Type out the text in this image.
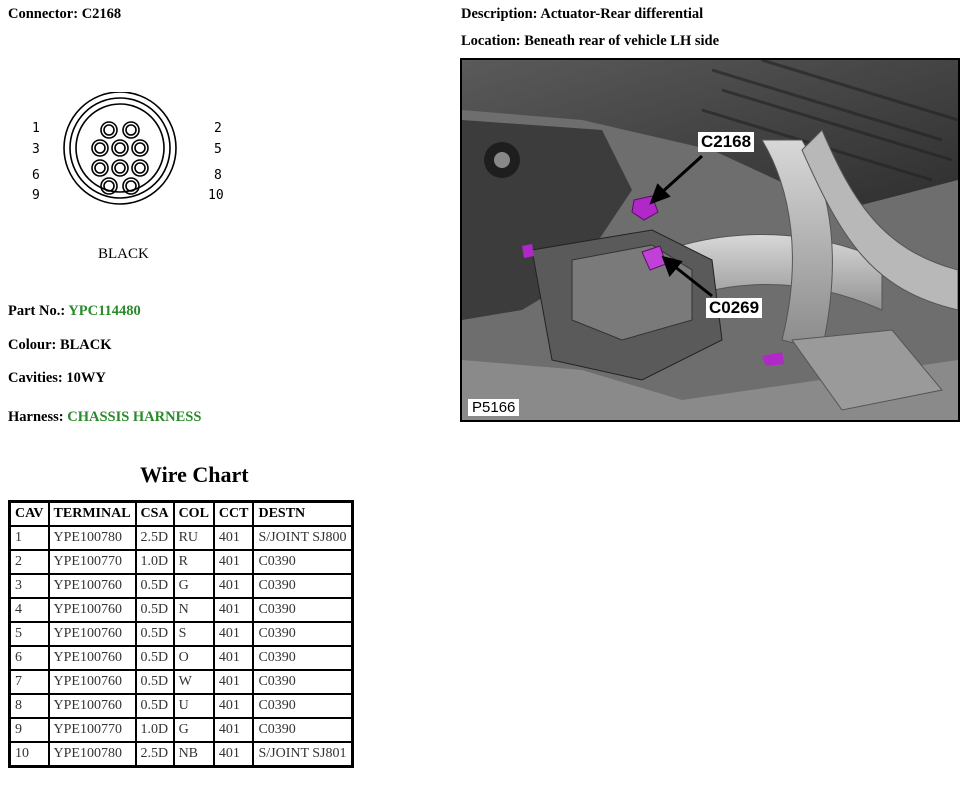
Connector: C2168	Description: Actuator-Rear differential
Location: Beneath rear of vehicle LH side
1	2
3	5
6	8
9	10
BLACK
Part No.: YPC114480
Colour: BLACK
Cavities: 10WY
Harness: CHASSIS HARNESS
C2168
C0269
P5166
Wire Chart
CAV	TERMINAL	CSA	COL	CCT	DESTN
1	YPE100780	2.5D	RU	401	S/JOINT SJ800
2	YPE100770	1.0D	R	401	C0390
3	YPE100760	0.5D	G	401	C0390
4	YPE100760	0.5D	N	401	C0390
5	YPE100760	0.5D	S	401	C0390
6	YPE100760	0.5D	O	401	C0390
7	YPE100760	0.5D	W	401	C0390
8	YPE100760	0.5D	U	401	C0390
9	YPE100770	1.0D	G	401	C0390
10	YPE100780	2.5D	NB	401	S/JOINT SJ801
